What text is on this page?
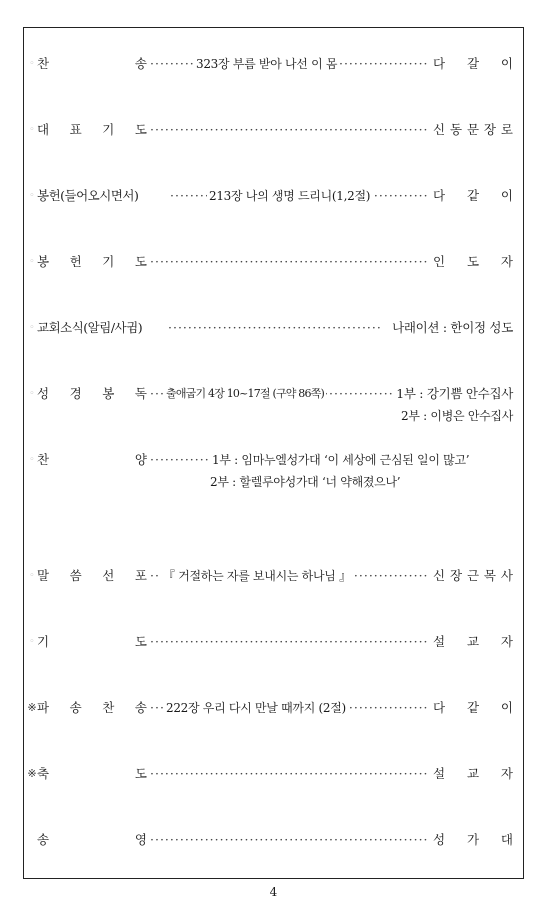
◦ 찬	송 ·····	323장 부름 받아 나선 이 몸	다 갈 이
◦ 대 표 기 도 ·····	신 동 문 장 로
◦ 봉헌(들어오시면서) ·····	213장 나의 생명 드리니(1,2절)	다 같 이
◦ 봉 헌 기 도 ·····	인 도 자
◦ 교회소식(알림/사귐) ·····	나래이션 : 한이정 성도
◦ 성 경 봉 독 ····· 출애굽기 4장 10~17절 (구약 86쪽)	1부 : 강기쁨 안수집사
2부 : 이병은 안수집사
◦ 찬	양 ·····	1부 : 임마누엘성가대 ‘이 세상에 근심된 일이 많고’
2부 : 할렐루야성가대 ‘너 약해졌으나’
◦ 말 씀 선 포 ····· 『 거절하는 자를 보내시는 하나님 』	신 장 근 목 사
◦ 기	도 ·····	설 교 자
※ 파 송 찬 송 ····· 222장 우리 다시 만날 때까지 (2절)	다 같 이
※ 축	도 ·····	설 교 자
송	영 ·····	성 가 대
4
